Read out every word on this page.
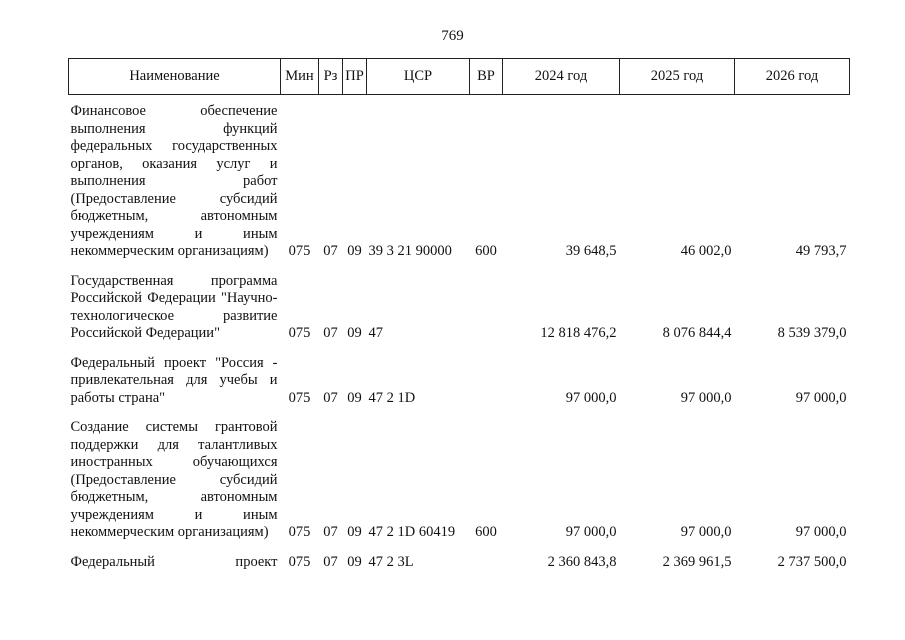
769
Наименование	Мин	Рз	ПР	ЦСР	ВР	2024 год	2025 год	2026 год
Финансовое обеспечение выполнения функций федеральных государственных органов, оказания услуг и выполнения работ (Предоставление субсидий бюджетным, автономным учреждениям и иным некоммерческим организациям)	075	07	09	39 3 21 90000	600	39 648,5	46 002,0	49 793,7
Государственная программа Российской Федерации "Научно-технологическое развитие Российской Федерации"	075	07	09	47		12 818 476,2	8 076 844,4	8 539 379,0
Федеральный проект "Россия - привлекательная для учебы и работы страна"	075	07	09	47 2 1D		97 000,0	97 000,0	97 000,0
Создание системы грантовой поддержки для талантливых иностранных обучающихся (Предоставление субсидий бюджетным, автономным учреждениям и иным некоммерческим организациям)	075	07	09	47 2 1D 60419	600	97 000,0	97 000,0	97 000,0
Федеральный проект	075	07	09	47 2 3L		2 360 843,8	2 369 961,5	2 737 500,0
